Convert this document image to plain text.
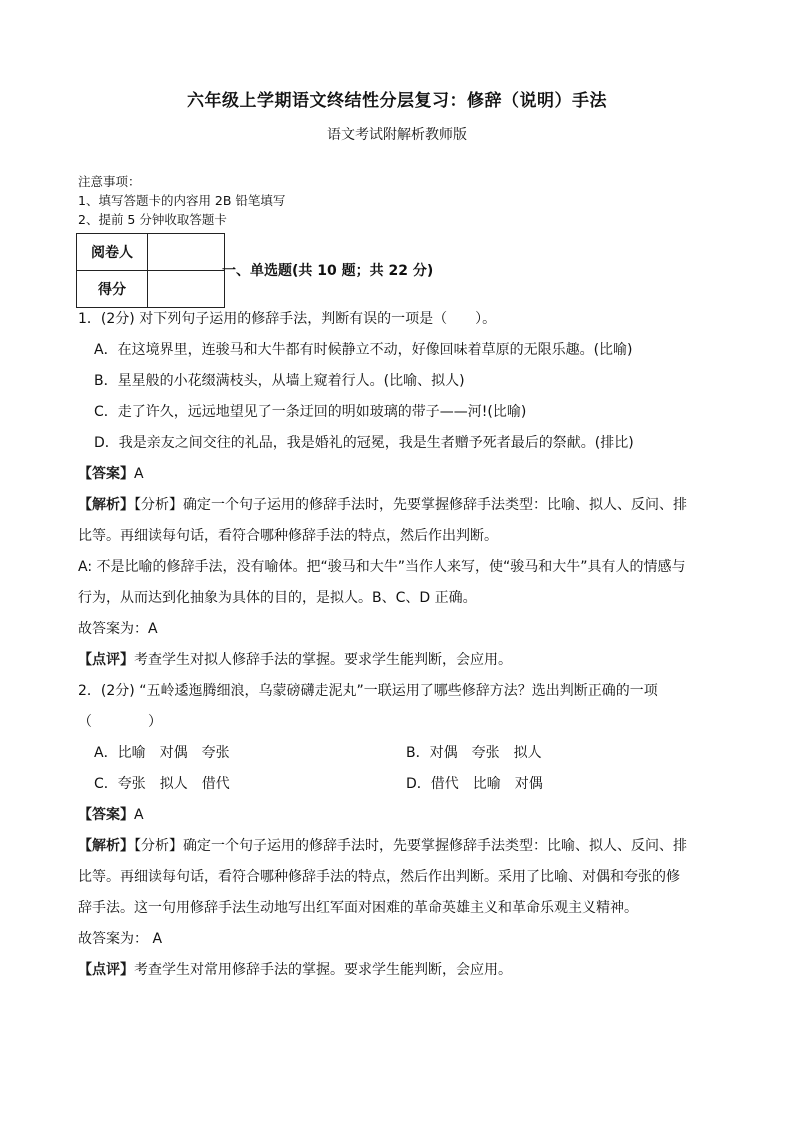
六年级上学期语文终结性分层复习：修辞（说明）手法
语文考试附解析教师版
注意事项：
1、填写答题卡的内容用 2B 铅笔填写
2、提前 5 分钟收取答题卡
阅卷人	
得分	
一、单选题(共 10 题；共 22 分)
1．(2分) 对下列句子运用的修辞手法，判断有误的一项是（　　）。
A．在这境界里，连骏马和大牛都有时候静立不动，好像回味着草原的无限乐趣。(比喻)
B．星星般的小花缀满枝头，从墙上窥着行人。(比喻、拟人)
C．走了许久，远远地望见了一条迂回的明如玻璃的带子——河!(比喻)
D．我是亲友之间交往的礼品，我是婚礼的冠冕，我是生者赠予死者最后的祭献。(排比)
【答案】A
【解析】【分析】确定一个句子运用的修辞手法时，先要掌握修辞手法类型：比喻、拟人、反问、排
比等。再细读每句话，看符合哪种修辞手法的特点，然后作出判断。
A: 不是比喻的修辞手法，没有喻体。把“骏马和大牛”当作人来写，使“骏马和大牛”具有人的情感与
行为，从而达到化抽象为具体的目的，是拟人。B、C、D 正确。
故答案为：A
【点评】考查学生对拟人修辞手法的掌握。要求学生能判断，会应用。
2．(2分) “五岭逶迤腾细浪，乌蒙磅礴走泥丸”一联运用了哪些修辞方法？选出判断正确的一项
（　　　　）
A．比喻　对偶　夸张	B．对偶　夸张　拟人
C．夸张　拟人　借代	D．借代　比喻　对偶
【答案】A
【解析】【分析】确定一个句子运用的修辞手法时，先要掌握修辞手法类型：比喻、拟人、反问、排
比等。再细读每句话，看符合哪种修辞手法的特点，然后作出判断。采用了比喻、对偶和夸张的修
辞手法。这一句用修辞手法生动地写出红军面对困难的革命英雄主义和革命乐观主义精神。
故答案为： A
【点评】考查学生对常用修辞手法的掌握。要求学生能判断，会应用。
